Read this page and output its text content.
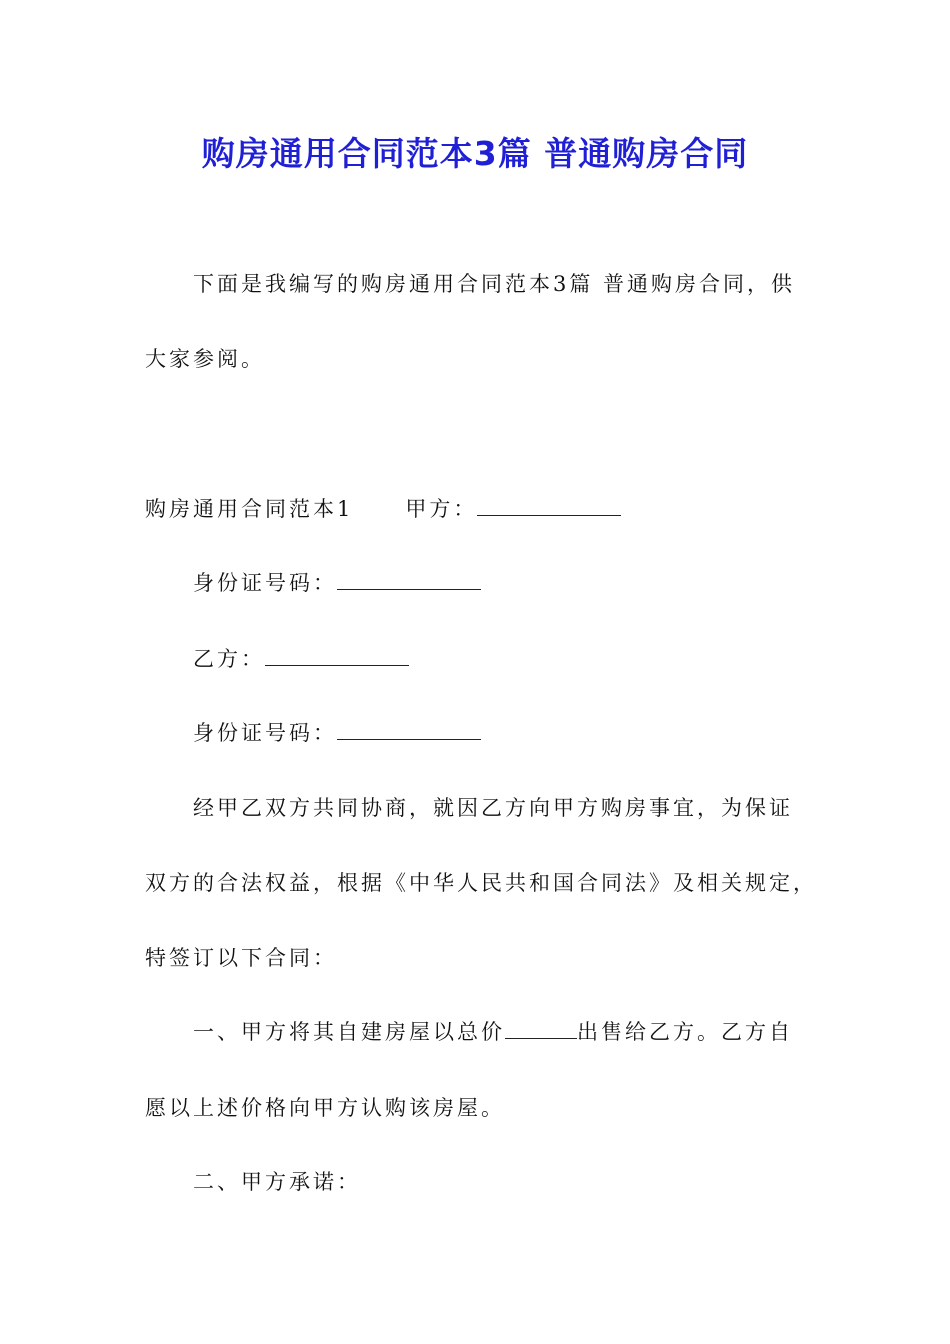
购房通用合同范本3篇 普通购房合同
下面是我编写的购房通用合同范本3篇 普通购房合同，供
大家参阅。
购房通用合同范本1 甲方：
身份证号码：
乙方：
身份证号码：
经甲乙双方共同协商，就因乙方向甲方购房事宜，为保证
双方的合法权益，根据《中华人民共和国合同法》及相关规定，
特签订以下合同：
一、甲方将其自建房屋以总价	出售给乙方。乙方自
愿以上述价格向甲方认购该房屋。
二、甲方承诺：
